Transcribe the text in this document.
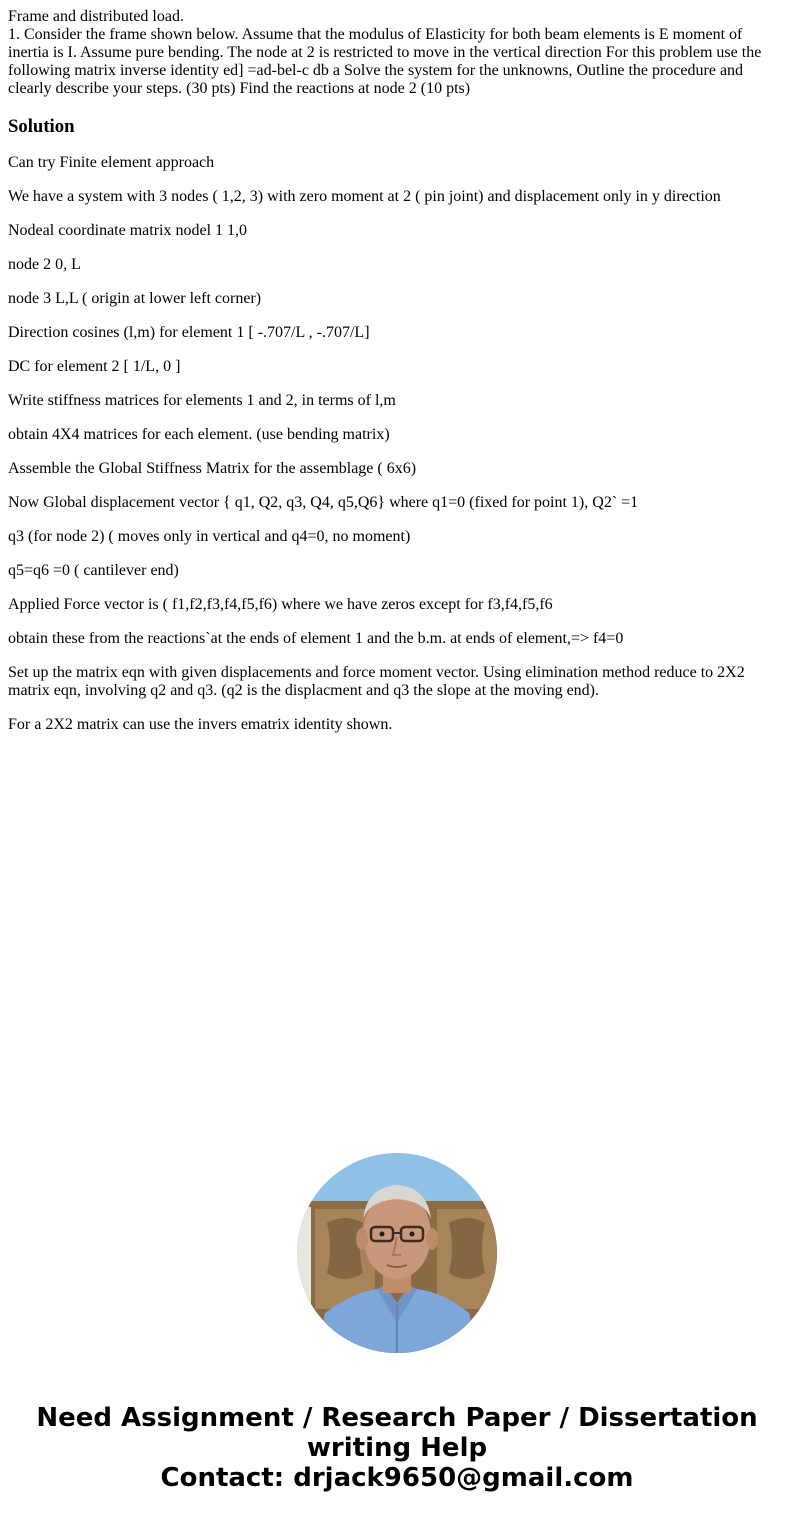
Frame and distributed load.
1. Consider the frame shown below. Assume that the modulus of Elasticity for both beam elements is E moment of inertia is I. Assume pure bending. The node at 2 is restricted to move in the vertical direction For this problem use the following matrix inverse identity ed] =ad-bel-c db a Solve the system for the unknowns, Outline the procedure and clearly describe your steps. (30 pts) Find the reactions at node 2 (10 pts)
Solution

Can try Finite element approach

We have a system with 3 nodes ( 1,2, 3) with zero moment at 2 ( pin joint) and displacement only in y direction

Nodeal coordinate matrix nodel 1 1,0

node 2 0, L

node 3 L,L ( origin at lower left corner)

Direction cosines (l,m) for element 1 [ -.707/L , -.707/L]

DC for element 2 [ 1/L, 0 ]

Write stiffness matrices for elements 1 and 2, in terms of l,m

obtain 4X4 matrices for each element. (use bending matrix)

Assemble the Global Stiffness Matrix for the assemblage ( 6x6)

Now Global displacement vector { q1, Q2, q3, Q4, q5,Q6} where q1=0 (fixed for point 1), Q2` =1

q3 (for node 2) ( moves only in vertical and q4=0, no moment)

q5=q6 =0 ( cantilever end)

Applied Force vector is ( f1,f2,f3,f4,f5,f6) where we have zeros except for f3,f4,f5,f6

obtain these from the reactions`at the ends of element 1 and the b.m. at ends of element,=> f4=0

Set up the matrix eqn with given displacements and force moment vector. Using elimination method reduce to 2X2 matrix eqn, involving q2 and q3. (q2 is the displacment and q3 the slope at the moving end).

For a 2X2 matrix can use the invers ematrix identity shown.

Need Assignment / Research Paper / Dissertation
writing Help
Contact: drjack9650@gmail.com
